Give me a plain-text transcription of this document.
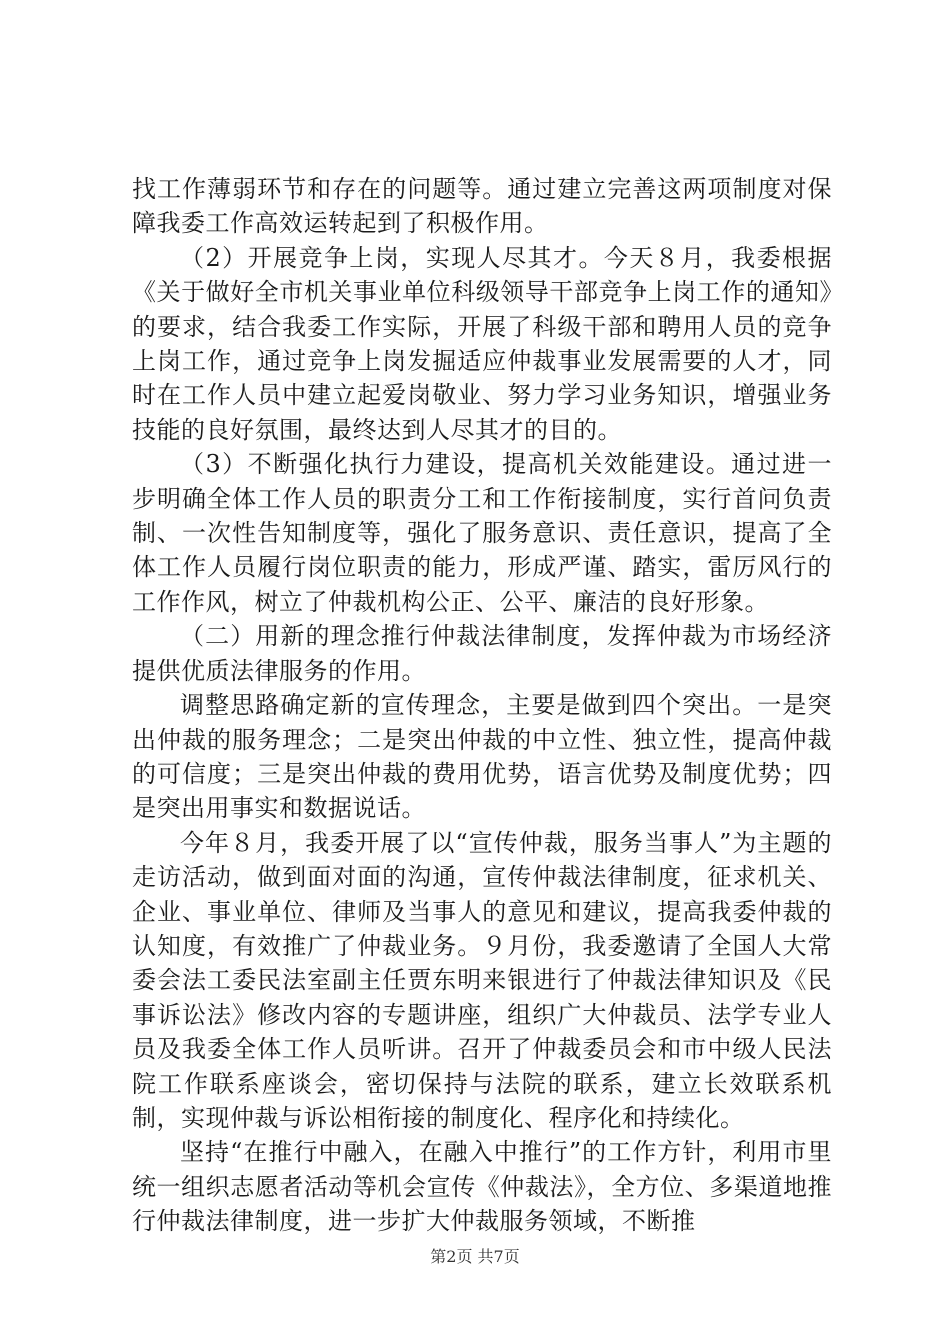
找工作薄弱环节和存在的问题等。通过建立完善这两项制度对保障我委工作高效运转起到了积极作用。

（2）开展竞争上岗，实现人尽其才。今天８月，我委根据《关于做好全市机关事业单位科级领导干部竞争上岗工作的通知》的要求，结合我委工作实际，开展了科级干部和聘用人员的竞争上岗工作，通过竞争上岗发掘适应仲裁事业发展需要的人才，同时在工作人员中建立起爱岗敬业、努力学习业务知识，增强业务技能的良好氛围，最终达到人尽其才的目的。

（3）不断强化执行力建设，提高机关效能建设。通过进一步明确全体工作人员的职责分工和工作衔接制度，实行首问负责制、一次性告知制度等，强化了服务意识、责任意识，提高了全体工作人员履行岗位职责的能力，形成严谨、踏实，雷厉风行的工作作风，树立了仲裁机构公正、公平、廉洁的良好形象。

（二）用新的理念推行仲裁法律制度，发挥仲裁为市场经济提供优质法律服务的作用。

调整思路确定新的宣传理念，主要是做到四个突出。一是突出仲裁的服务理念；二是突出仲裁的中立性、独立性，提高仲裁的可信度；三是突出仲裁的费用优势，语言优势及制度优势；四是突出用事实和数据说话。

今年８月，我委开展了以“宣传仲裁，服务当事人”为主题的走访活动，做到面对面的沟通，宣传仲裁法律制度，征求机关、企业、事业单位、律师及当事人的意见和建议，提高我委仲裁的认知度，有效推广了仲裁业务。９月份，我委邀请了全国人大常委会法工委民法室副主任贾东明来银进行了仲裁法律知识及《民事诉讼法》修改内容的专题讲座，组织广大仲裁员、法学专业人员及我委全体工作人员听讲。召开了仲裁委员会和市中级人民法院工作联系座谈会，密切保持与法院的联系，建立长效联系机制，实现仲裁与诉讼相衔接的制度化、程序化和持续化。

坚持“在推行中融入，在融入中推行”的工作方针，利用市里统一组织志愿者活动等机会宣传《仲裁法》，全方位、多渠道地推行仲裁法律制度，进一步扩大仲裁服务领域，不断推

第2页 共7页
